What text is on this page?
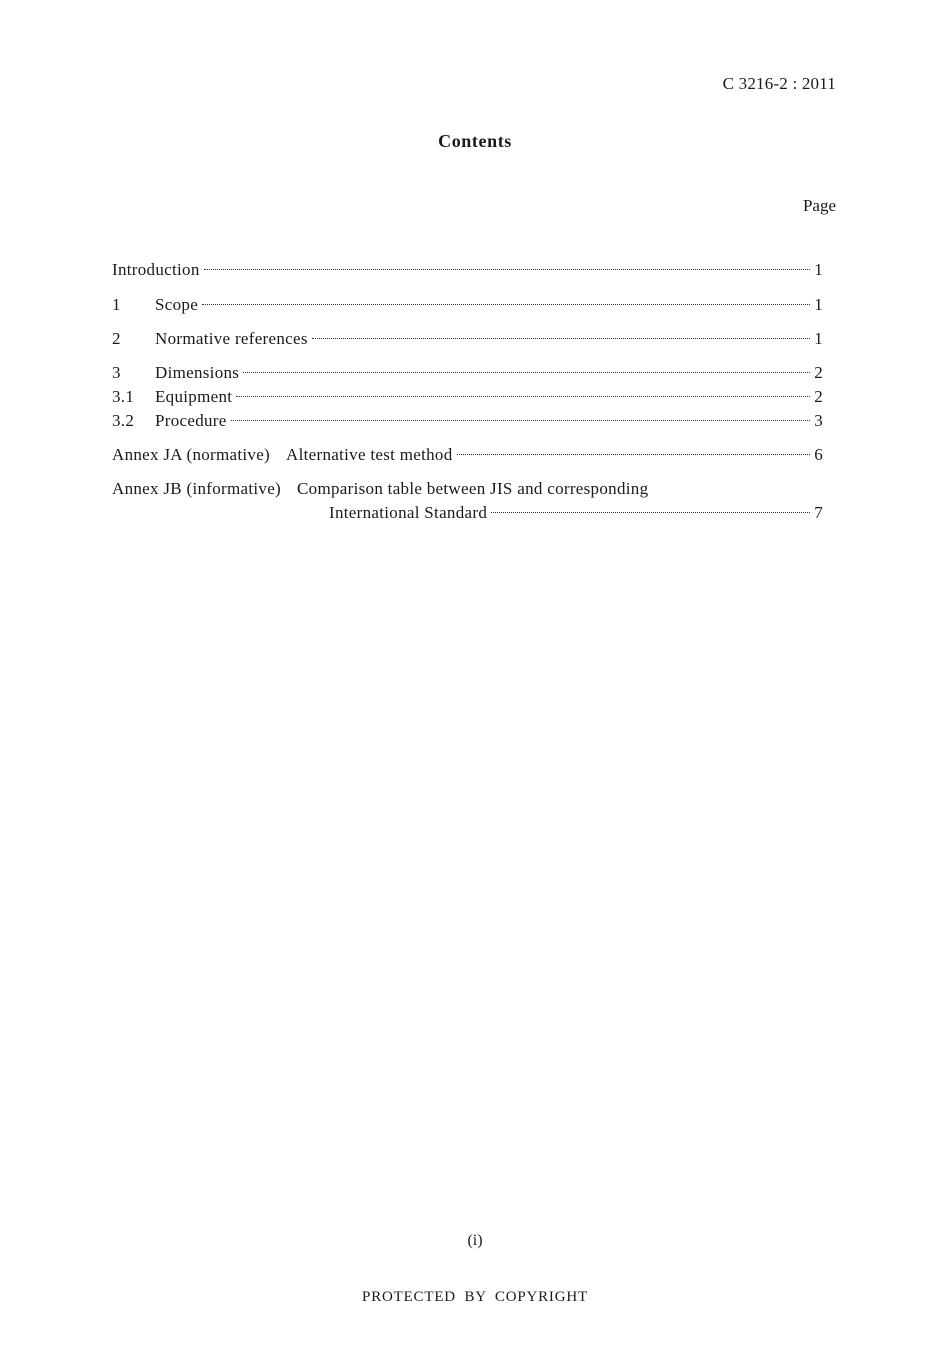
C 3216-2 : 2011
Contents
Page
Introduction	1
1	Scope	1
2	Normative references	1
3	Dimensions	2
3.1	Equipment	2
3.2	Procedure	3
Annex JA (normative) Alternative test method	6
Annex JB (informative) Comparison table between JIS and corresponding
International Standard	7
(i)
PROTECTED BY COPYRIGHT
